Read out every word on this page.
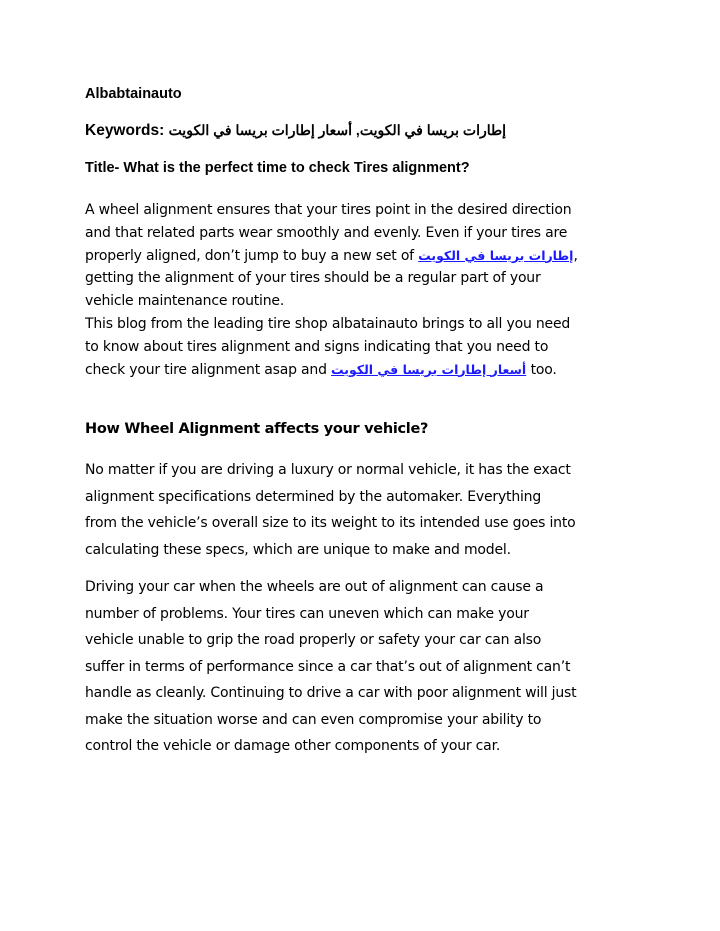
Albabtainauto
Keywords: إطارات بريسا في الكويت, أسعار إطارات بريسا في الكويت
Title- What is the perfect time to check Tires alignment?
A wheel alignment ensures that your tires point in the desired direction
and that related parts wear smoothly and evenly. Even if your tires are
properly aligned, don’t jump to buy a new set of إطارات بريسا في الكويت,
getting the alignment of your tires should be a regular part of your
vehicle maintenance routine.
This blog from the leading tire shop albatainauto brings to all you need
to know about tires alignment and signs indicating that you need to
check your tire alignment asap and أسعار إطارات بريسا في الكويت too.
How Wheel Alignment affects your vehicle?
No matter if you are driving a luxury or normal vehicle, it has the exact
alignment specifications determined by the automaker. Everything
from the vehicle’s overall size to its weight to its intended use goes into
calculating these specs, which are unique to make and model.
Driving your car when the wheels are out of alignment can cause a
number of problems. Your tires can uneven which can make your
vehicle unable to grip the road properly or safety your car can also
suffer in terms of performance since a car that’s out of alignment can’t
handle as cleanly. Continuing to drive a car with poor alignment will just
make the situation worse and can even compromise your ability to
control the vehicle or damage other components of your car.
